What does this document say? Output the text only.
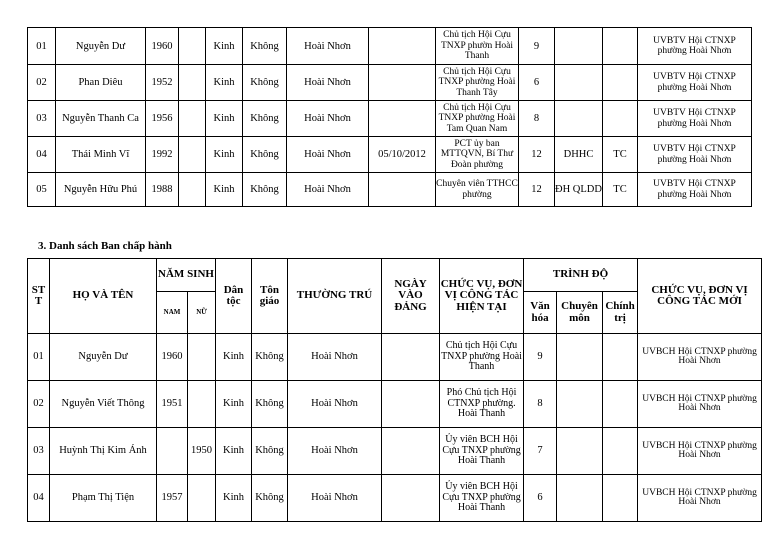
01	Nguyễn Dư	1960		Kinh	Không	Hoài Nhơn		Chủ tịch Hội Cựu TNXP phườn Hoài Thanh	9			UVBTV Hội CTNXP phường Hoài Nhơn
02	Phan Diêu	1952		Kinh	Không	Hoài Nhơn		Chủ tịch Hội Cựu TNXP phường Hoài Thanh Tây	6			UVBTV Hội CTNXP phường Hoài Nhơn
03	Nguyễn Thanh Ca	1956		Kinh	Không	Hoài Nhơn		Chủ tịch Hội Cựu TNXP phường Hoài Tam Quan Nam	8			UVBTV Hội CTNXP phường Hoài Nhơn
04	Thái Minh Vĩ	1992		Kinh	Không	Hoài Nhơn	05/10/2012	PCT ủy ban MTTQVN, Bí Thư Đoàn phường	12	DHHC	TC	UVBTV Hội CTNXP phường Hoài Nhơn
05	Nguyễn Hữu Phú	1988		Kinh	Không	Hoài Nhơn		Chuyên viên TTHCC phường	12	ĐH QLDD	TC	UVBTV Hội CTNXP phường Hoài Nhơn
3. Danh sách Ban chấp hành
ST T	HỌ VÀ TÊN	NĂM SINH		Dân tộc	Tôn giáo	THƯỜNG TRÚ	NGÀY VÀO ĐẢNG	CHỨC VỤ, ĐƠN VỊ CÔNG TÁC HIỆN TẠI	TRÌNH ĐỘ			CHỨC VỤ, ĐƠN VỊ CÔNG TÁC MỚI
		NAM	NỮ						Văn hóa	Chuyên môn	Chính trị	
01	Nguyễn Dư	1960		Kinh	Không	Hoài Nhơn		Chủ tịch Hội Cựu TNXP phường Hoài Thanh	9			UVBCH Hội CTNXP phường Hoài Nhơn
02	Nguyễn Viết Thông	1951		Kinh	Không	Hoài Nhơn		Phó Chủ tịch Hội CTNXP phường. Hoài Thanh	8			UVBCH Hội CTNXP phường Hoài Nhơn
03	Huỳnh Thị Kim Ánh		1950	Kinh	Không	Hoài Nhơn		Ủy viên BCH Hội Cựu TNXP phường Hoài Thanh	7			UVBCH Hội CTNXP phường Hoài Nhơn
04	Phạm Thị Tiện	1957		Kinh	Không	Hoài Nhơn		Ủy viên BCH Hội Cựu TNXP phường Hoài Thanh	6			UVBCH Hội CTNXP phường Hoài Nhơn
